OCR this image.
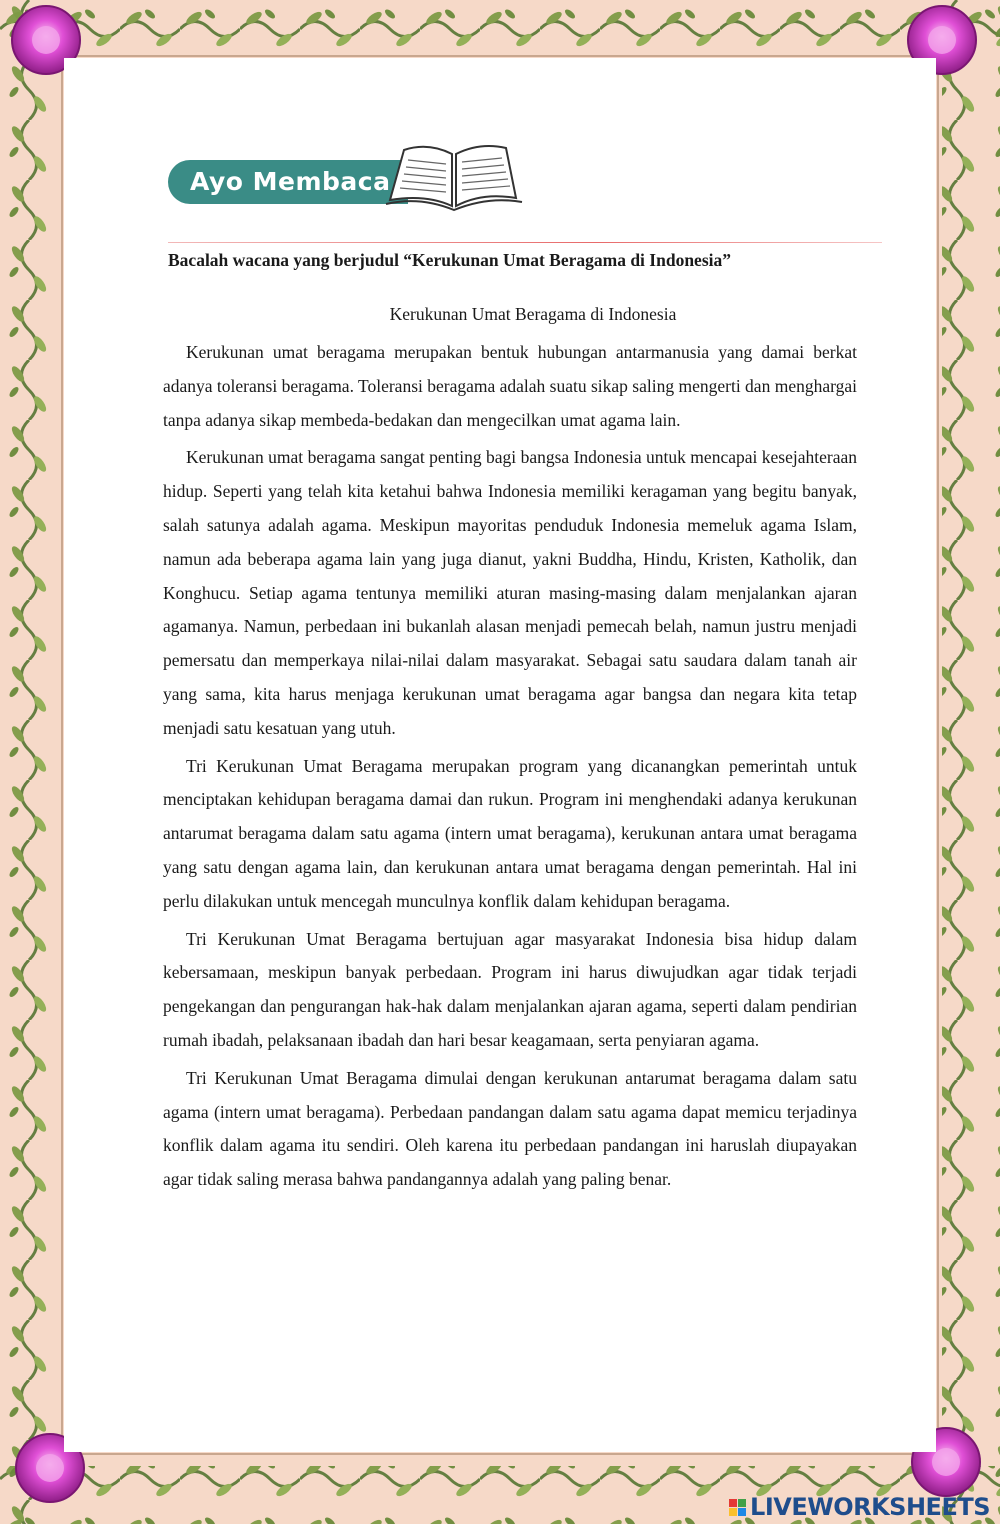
Ayo Membaca
Bacalah wacana yang berjudul “Kerukunan Umat Beragama di Indonesia”
Kerukunan Umat Beragama di Indonesia

Kerukunan umat beragama merupakan bentuk hubungan antarmanusia yang damai berkat adanya toleransi beragama. Toleransi beragama adalah suatu sikap saling mengerti dan menghargai tanpa adanya sikap membeda-bedakan dan mengecilkan umat agama lain.

Kerukunan umat beragama sangat penting bagi bangsa Indonesia untuk mencapai kesejahteraan hidup. Seperti yang telah kita ketahui bahwa Indonesia memiliki keragaman yang begitu banyak, salah satunya adalah agama. Meskipun mayoritas penduduk Indonesia memeluk agama Islam, namun ada beberapa agama lain yang juga dianut, yakni Buddha, Hindu, Kristen, Katholik, dan Konghucu. Setiap agama tentunya memiliki aturan masing-masing dalam menjalankan ajaran agamanya. Namun, perbedaan ini bukanlah alasan menjadi pemecah belah, namun justru menjadi pemersatu dan memperkaya nilai-nilai dalam masyarakat. Sebagai satu saudara dalam tanah air yang sama, kita harus menjaga kerukunan umat beragama agar bangsa dan negara kita tetap menjadi satu kesatuan yang utuh.

Tri Kerukunan Umat Beragama merupakan program yang dicanangkan pemerintah untuk menciptakan kehidupan beragama damai dan rukun. Program ini menghendaki adanya kerukunan antarumat beragama dalam satu agama (intern umat beragama), kerukunan antara umat beragama yang satu dengan agama lain, dan kerukunan antara umat beragama dengan pemerintah. Hal ini perlu dilakukan untuk mencegah munculnya konflik dalam kehidupan beragama.

Tri Kerukunan Umat Beragama bertujuan agar masyarakat Indonesia bisa hidup dalam kebersamaan, meskipun banyak perbedaan. Program ini harus diwujudkan agar tidak terjadi pengekangan dan pengurangan hak-hak dalam menjalankan ajaran agama, seperti dalam pendirian rumah ibadah, pelaksanaan ibadah dan hari besar keagamaan, serta penyiaran agama.

Tri Kerukunan Umat Beragama dimulai dengan kerukunan antarumat beragama dalam satu agama (intern umat beragama). Perbedaan pandangan dalam satu agama dapat memicu terjadinya konflik dalam agama itu sendiri. Oleh karena itu perbedaan pandangan ini haruslah diupayakan agar tidak saling merasa bahwa pandangannya adalah yang paling benar.

LIVEWORKSHEETS
